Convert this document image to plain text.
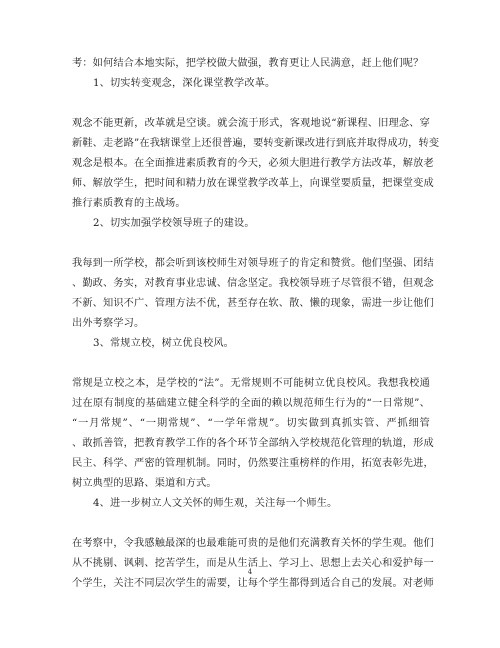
考：如何结合本地实际，把学校做大做强，教育更让人民满意，赶上他们呢？
1、切实转变观念，深化课堂教学改革。
观念不能更新，改革就是空谈。就会流于形式，客观地说“新课程、旧理念、穿
新鞋、走老路”在我辖课堂上还很普遍，要转变新课改进行到底并取得成功，转变
观念是根本。在全面推进素质教育的今天，必须大胆进行教学方法改革，解放老
师、解放学生，把时间和精力放在课堂教学改革上，向课堂要质量，把课堂变成
推行素质教育的主战场。
2、切实加强学校领导班子的建设。
我每到一所学校，都会听到该校师生对领导班子的肯定和赞赏。他们坚强、团结
、勤政、务实，对教育事业忠诚、信念坚定。我校领导班子尽管很不错，但观念
不新、知识不广、管理方法不优，甚至存在软、散、懒的现象，需进一步让他们
出外考察学习。
3、常规立校，树立优良校风。
常规是立校之本，是学校的“法”。无常规则不可能树立优良校风。我想我校通
过在原有制度的基础建立健全科学的全面的赖以规范师生行为的“一日常规”、
“一月常规”、“一期常规”、“一学年常规”。切实做到真抓实管、严抓细管
、敢抓善管，把教育教学工作的各个环节全部纳入学校规范化管理的轨道，形成
民主、科学、严密的管理机制。同时，仍然要注重榜样的作用，拓宽表彰先进，
树立典型的思路、渠道和方式。
4、进一步树立人文关怀的师生观，关注每一个师生。
在考察中，令我感触最深的也最难能可贵的是他们充满教育关怀的学生观。他们
从不挑剔、讽刺、挖苦学生，而是从生活上、学习上、思想上去关心和爱护每一
个学生，关注不同层次学生的需要，让每个学生都得到适合自己的发展。对老师
4
